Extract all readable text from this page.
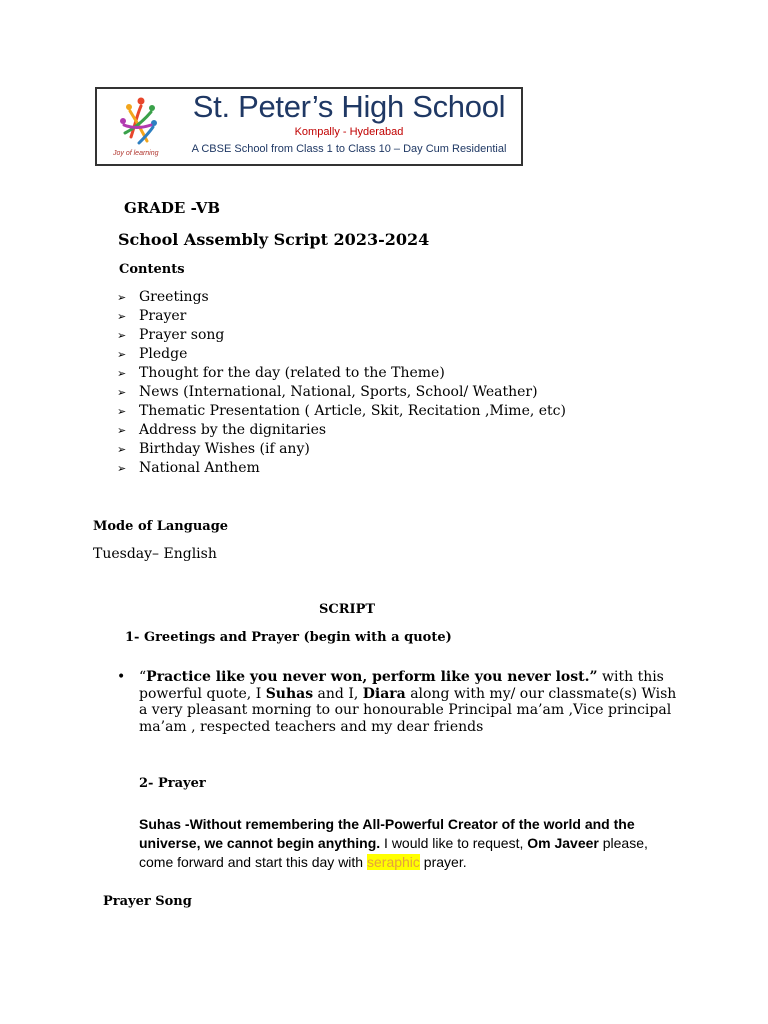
Joy of learning
St. Peter’s High School
Kompally - Hyderabad
A CBSE School from Class 1 to Class 10 – Day Cum Residential
GRADE -VB
School Assembly Script 2023-2024
Contents
➢ Greetings
➢ Prayer
➢ Prayer song
➢ Pledge
➢ Thought for the day (related to the Theme)
➢ News (International, National, Sports, School/ Weather)
➢ Thematic Presentation ( Article, Skit, Recitation ,Mime, etc)
➢ Address by the dignitaries
➢ Birthday Wishes (if any)
➢ National Anthem
Mode of Language
Tuesday– English
SCRIPT
1- Greetings and Prayer (begin with a quote)
• “Practice like you never won, perform like you never lost.” with this powerful quote, I Suhas and I, Diara along with my/ our classmate(s) Wish a very pleasant morning to our honourable Principal ma’am ,Vice principal ma’am , respected teachers and my dear friends
2- Prayer
Suhas -Without remembering the All-Powerful Creator of the world and the universe, we cannot begin anything. I would like to request, Om Javeer please, come forward and start this day with seraphic prayer.
Prayer Song
